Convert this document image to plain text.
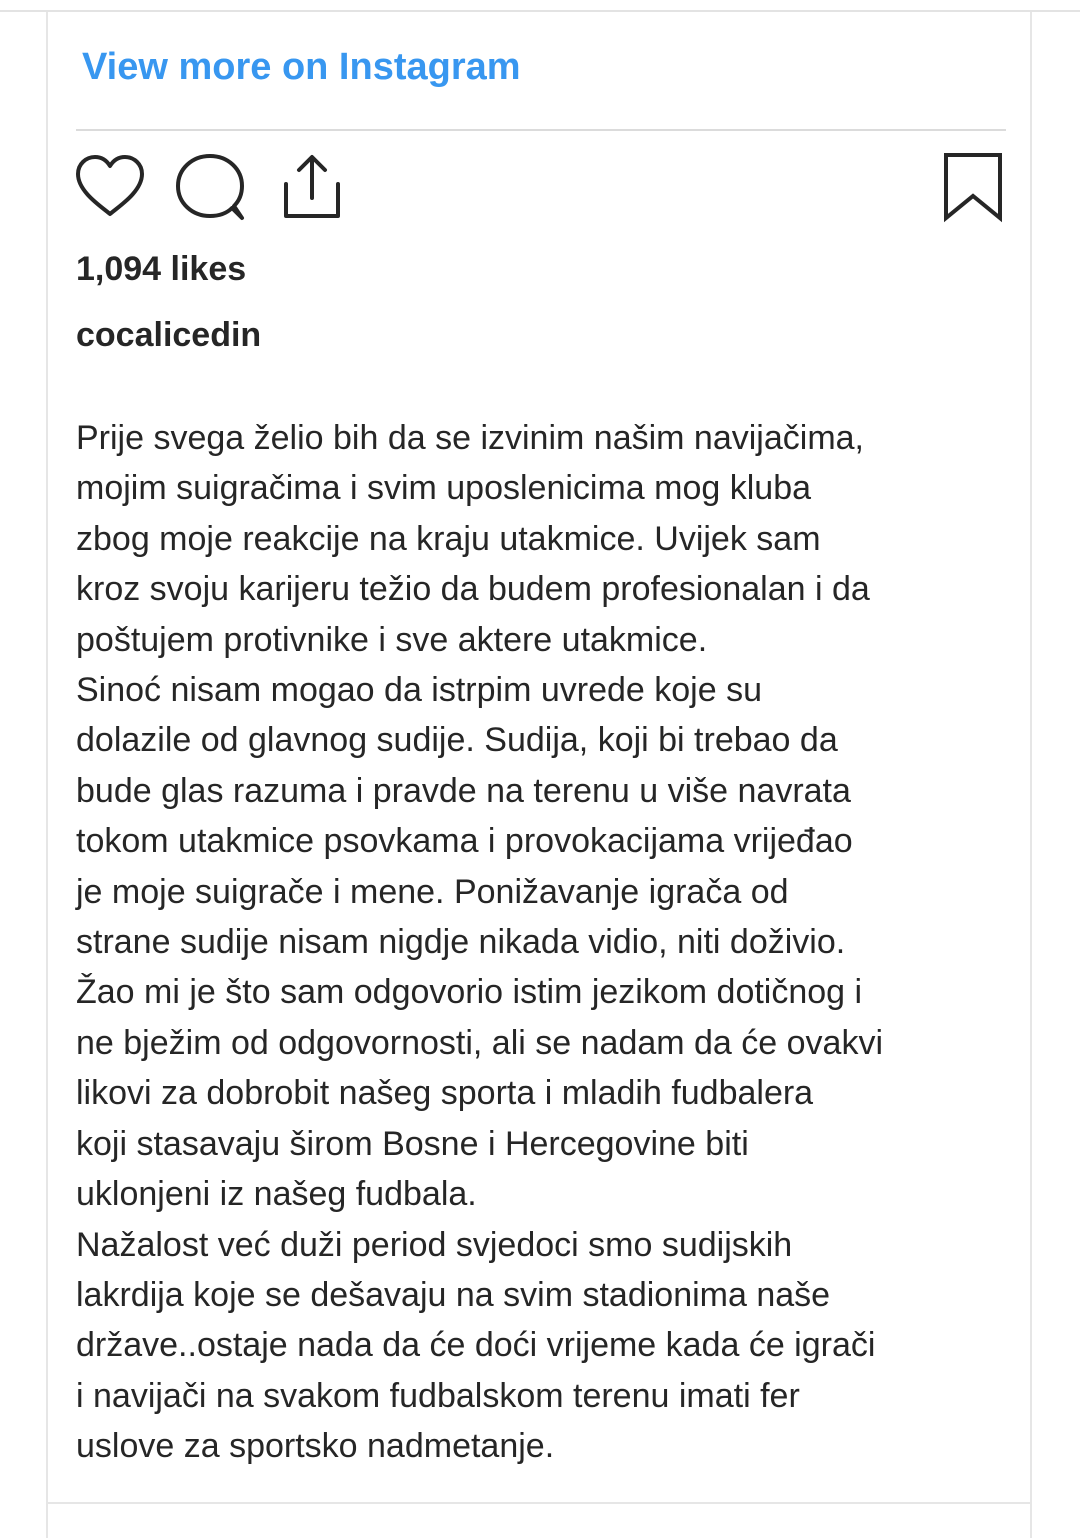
View more on Instagram
1,094 likes
cocalicedin
Prije svega želio bih da se izvinim našim navijačima,
mojim suigračima i svim uposlenicima mog kluba
zbog moje reakcije na kraju utakmice. Uvijek sam
kroz svoju karijeru težio da budem profesionalan i da
poštujem protivnike i sve aktere utakmice.
Sinoć nisam mogao da istrpim uvrede koje su
dolazile od glavnog sudije. Sudija, koji bi trebao da
bude glas razuma i pravde na terenu u više navrata
tokom utakmice psovkama i provokacijama vrijeđao
je moje suigrače i mene. Ponižavanje igrača od
strane sudije nisam nigdje nikada vidio, niti doživio.
Žao mi je što sam odgovorio istim jezikom dotičnog i
ne bježim od odgovornosti, ali se nadam da će ovakvi
likovi za dobrobit našeg sporta i mladih fudbalera
koji stasavaju širom Bosne i Hercegovine biti
uklonjeni iz našeg fudbala.
Nažalost već duži period svjedoci smo sudijskih
lakrdija koje se dešavaju na svim stadionima naše
države..ostaje nada da će doći vrijeme kada će igrači
i navijači na svakom fudbalskom terenu imati fer
uslove za sportsko nadmetanje.
